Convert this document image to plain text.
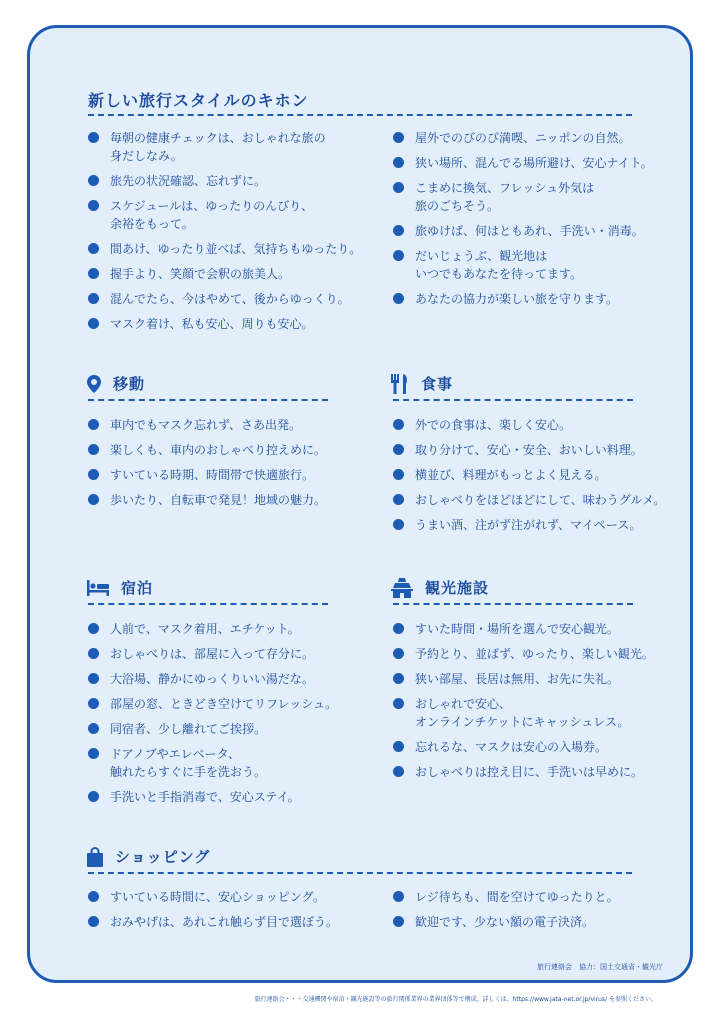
新しい旅行スタイルのキホン
毎朝の健康チェックは、おしゃれな旅の
身だしなみ。
旅先の状況確認、忘れずに。
スケジュールは、ゆったりのんびり、
余裕をもって。
間あけ、ゆったり並べば、気持ちもゆったり。
握手より、笑顔で会釈の旅美人。
混んでたら、今はやめて、後からゆっくり。
マスク着け、私も安心、周りも安心。
屋外でのびのび満喫、ニッポンの自然。
狭い場所、混んでる場所避け、安心ナイト。
こまめに換気、フレッシュ外気は
旅のごちそう。
旅ゆけば、何はともあれ、手洗い・消毒。
だいじょうぶ、観光地は
いつでもあなたを待ってます。
あなたの協力が楽しい旅を守ります。
移動
車内でもマスク忘れず、さあ出発。
楽しくも、車内のおしゃべり控えめに。
すいている時期、時間帯で快適旅行。
歩いたり、自転車で発見！地域の魅力。
食事
外での食事は、楽しく安心。
取り分けて、安心・安全、おいしい料理。
横並び、料理がもっとよく見える。
おしゃべりをほどほどにして、味わうグルメ。
うまい酒、注がず注がれず、マイペース。
宿泊
人前で、マスク着用、エチケット。
おしゃべりは、部屋に入って存分に。
大浴場、静かにゆっくりいい湯だな。
部屋の窓、ときどき空けてリフレッシュ。
同宿者、少し離れてご挨拶。
ドアノブやエレベータ、
触れたらすぐに手を洗おう。
手洗いと手指消毒で、安心ステイ。
観光施設
すいた時間・場所を選んで安心観光。
予約とり、並ばず、ゆったり、楽しい観光。
狭い部屋、長居は無用、お先に失礼。
おしゃれで安心、
オンラインチケットにキャッシュレス。
忘れるな、マスクは安心の入場券。
おしゃべりは控え目に、手洗いは早めに。
ショッピング
すいている時間に、安心ショッピング。
おみやげは、あれこれ触らず目で選ぼう。
レジ待ちも、間を空けてゆったりと。
歓迎です、少ない額の電子決済。
旅行連絡会　協力：国土交通省・観光庁
旅行連絡会・・・交通機関や宿泊・観光施設等の旅行関係業界の業界団体等で構成。詳しくは、https://www.jata-net.or.jp/virus/ を参照ください。
